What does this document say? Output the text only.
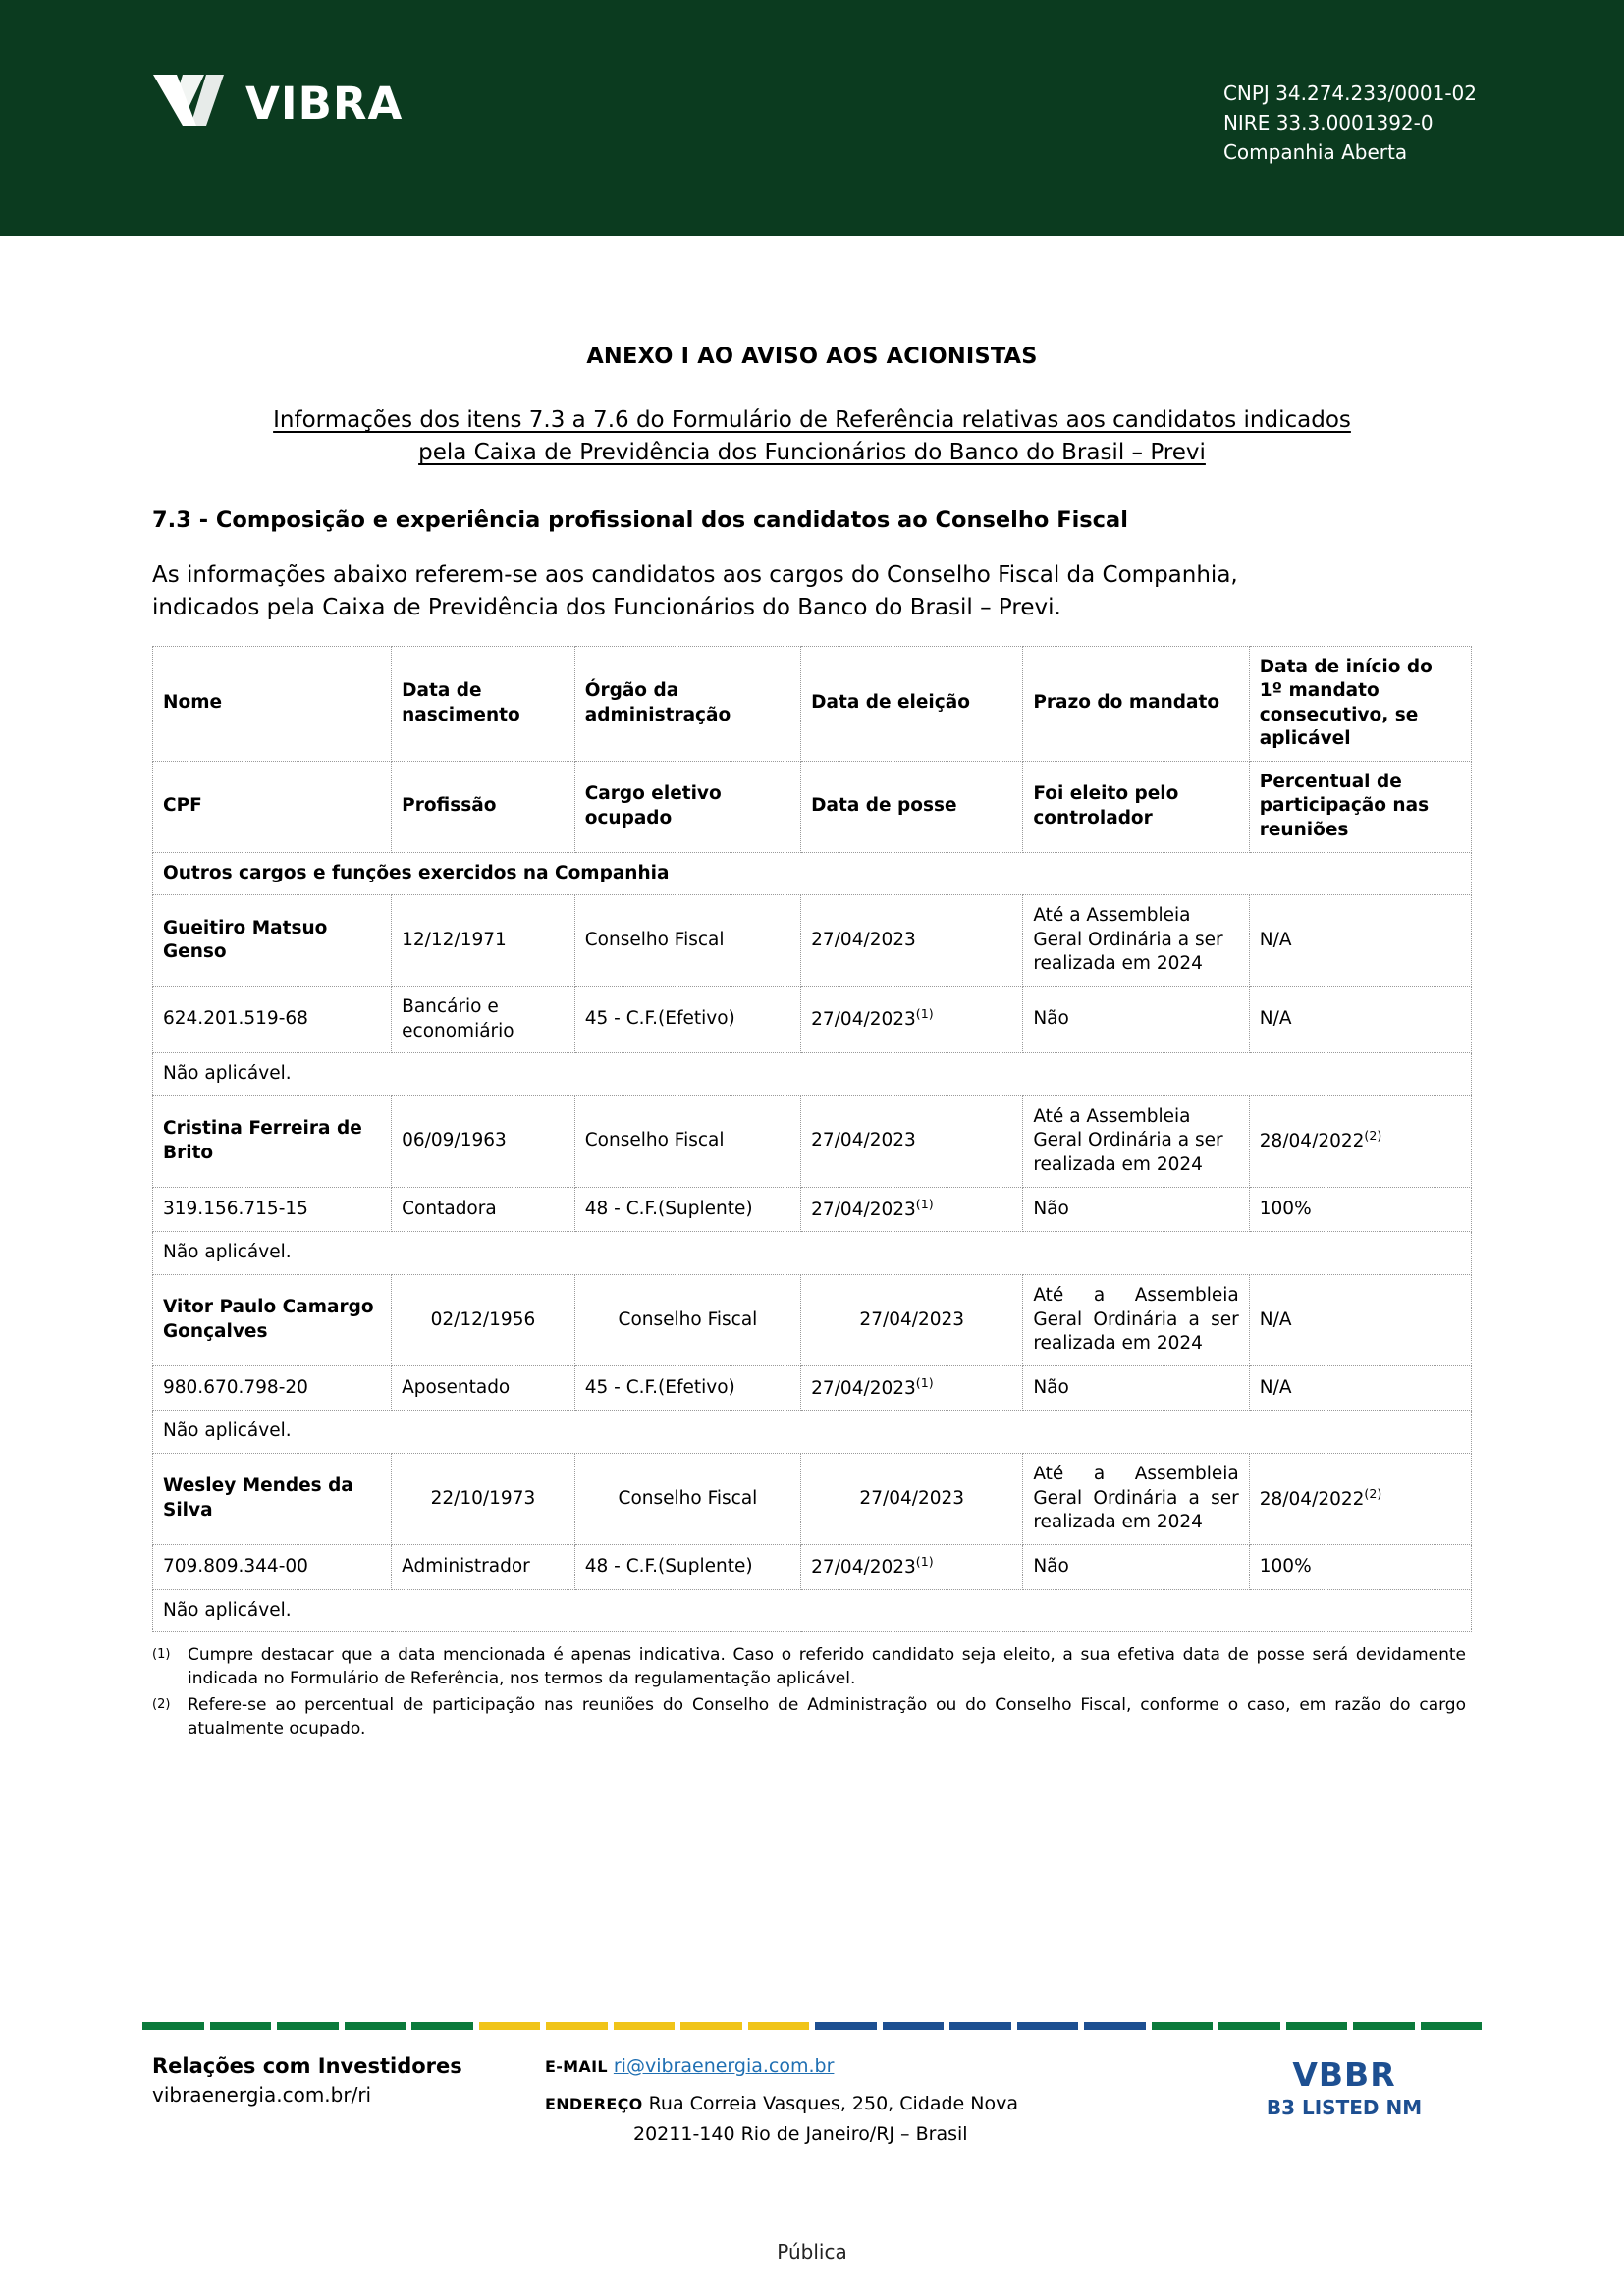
VIBRA	CNPJ 34.274.233/0001-02
NIRE 33.3.0001392-0
Companhia Aberta
ANEXO I AO AVISO AOS ACIONISTAS
Informações dos itens 7.3 a 7.6 do Formulário de Referência relativas aos candidatos indicados
pela Caixa de Previdência dos Funcionários do Banco do Brasil – Previ
7.3 - Composição e experiência profissional dos candidatos ao Conselho Fiscal
As informações abaixo referem-se aos candidatos aos cargos do Conselho Fiscal da Companhia,
indicados pela Caixa de Previdência dos Funcionários do Banco do Brasil – Previ.
Nome	Data de nascimento	Órgão da administração	Data de eleição	Prazo do mandato	Data de início do 1º mandato consecutivo, se aplicável
CPF	Profissão	Cargo eletivo ocupado	Data de posse	Foi eleito pelo controlador	Percentual de participação nas reuniões
Outros cargos e funções exercidos na Companhia					
Gueitiro Matsuo Genso	12/12/1971	Conselho Fiscal	27/04/2023	Até a Assembleia Geral Ordinária a ser realizada em 2024	N/A
624.201.519-68	Bancário e economiário	45 - C.F.(Efetivo)	27/04/2023$^{(1)}$	Não	N/A
Não aplicável.					
Cristina Ferreira de Brito	06/09/1963	Conselho Fiscal	27/04/2023	Até a Assembleia Geral Ordinária a ser realizada em 2024	28/04/2022$^{(2)}$
319.156.715-15	Contadora	48 - C.F.(Suplente)	27/04/2023$^{(1)}$	Não	100%
Não aplicável.					
Vitor Paulo Camargo Gonçalves	02/12/1956	Conselho Fiscal	27/04/2023	Até a Assembleia Geral Ordinária a ser realizada em 2024	N/A
980.670.798-20	Aposentado	45 - C.F.(Efetivo)	27/04/2023$^{(1)}$	Não	N/A
Não aplicável.					
Wesley Mendes da Silva	22/10/1973	Conselho Fiscal	27/04/2023	Até a Assembleia Geral Ordinária a ser realizada em 2024	28/04/2022$^{(2)}$
709.809.344-00	Administrador	48 - C.F.(Suplente)	27/04/2023$^{(1)}$	Não	100%
Não aplicável.					
(1)	Cumpre destacar que a data mencionada é apenas indicativa. Caso o referido candidato seja eleito, a sua efetiva data de posse será devidamente indicada no Formulário de Referência, nos termos da regulamentação aplicável.
(2)	Refere-se ao percentual de participação nas reuniões do Conselho de Administração ou do Conselho Fiscal, conforme o caso, em razão do cargo atualmente ocupado.
Relações com Investidores
vibraenergia.com.br/ri
E-MAIL ri@vibraenergia.com.br
ENDEREÇO Rua Correia Vasques, 250, Cidade Nova
20211-140 Rio de Janeiro/RJ – Brasil
VBBR
B3 LISTED NM
Pública
